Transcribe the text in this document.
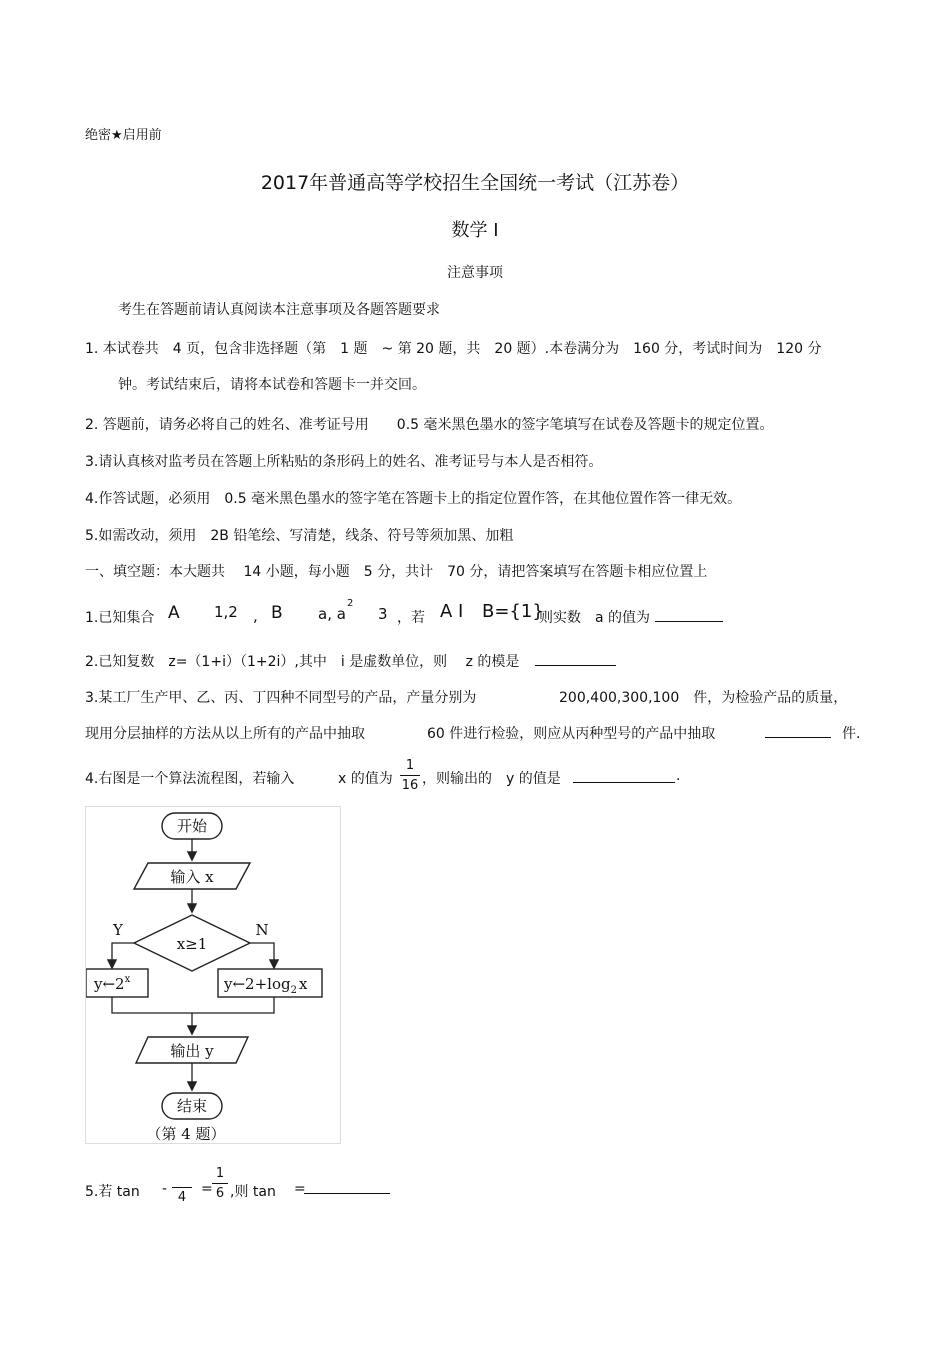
绝密★启用前
2017年普通高等学校招生全国统一考试（江苏卷）
数学 Ⅰ
注意事项
考生在答题前请认真阅读本注意事项及各题答题要求
1. 本试卷共　4 页，包含非选择题（第　1 题　~ 第 20 题，共　20 题）.本卷满分为　160 分，考试时间为　120 分
钟。考试结束后，请将本试卷和答题卡一并交回。
2. 答题前，请务必将自己的姓名、准考证号用　　0.5 毫米黑色墨水的签字笔填写在试卷及答题卡的规定位置。
3.请认真核对监考员在答题上所粘贴的条形码上的姓名、准考证号与本人是否相符。
4.作答试题，必须用　0.5 毫米黑色墨水的签字笔在答题卡上的指定位置作答，在其他位置作答一律无效。
5.如需改动，须用　2B 铅笔绘、写清楚，线条、符号等须加黑、加粗
一、填空题：本大题共　 14 小题，每小题　5 分，共计　70 分，请把答案填写在答题卡相应位置上
1.已知集合 A 1,2 , B a, a
2
3 ，若 A I B={1}
则实数　a 的值为
2.已知复数　z=（1+i）（1+2i）,其中　i 是虚数单位，则　 z 的模是
3.某工厂生产甲、乙、丙、丁四种不同型号的产品，产量分别为	200,400,300,100　件，为检验产品的质量，
现用分层抽样的方法从以上所有的产品中抽取	60 件进行检验，则应从丙种型号的产品中抽取	件.
4.右图是一个算法流程图，若输入	x 的值为
1
16 ，则输出的　y 的值是	.
开始
输入 x
x≥1
Y	N
y←2$^x$	$y\leftarrow 2+\log_2$ x
输出 y
结束
（第 4 题）
5.若 tan -
4
=
1
6 ,则 tan =
